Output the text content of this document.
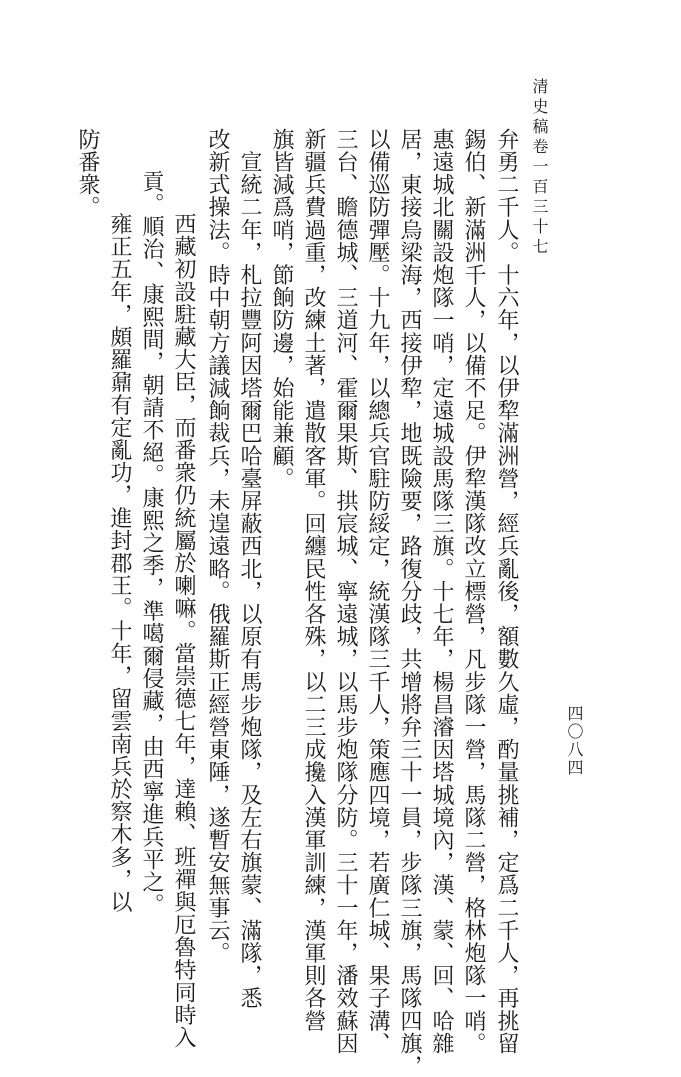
清史稿卷一百三十七
四〇八四
弁勇二千人。十六年，以伊犂滿洲營，經兵亂後，額數久虛，酌量挑補，定爲二千人，再挑留
錫伯、新滿洲千人，以備不足。伊犂漢隊改立標營，凡步隊一營，馬隊二營，格林炮隊一哨。
惠遠城北關設炮隊一哨，定遠城設馬隊三旗。十七年，楊昌濬因塔城境內，漢、蒙、回、哈雜
居，東接烏梁海，西接伊犂，地既險要，路復分歧，共增將弁三十一員，步隊三旗，馬隊四旗，
以備巡防彈壓。十九年，以總兵官駐防綏定，統漢隊三千人，策應四境，若廣仁城、果子溝、
三台、瞻德城、三道河、霍爾果斯、拱宸城、寧遠城，以馬步炮隊分防。三十一年，潘效蘇因
新疆兵費過重，改練土著，遣散客軍。回纏民性各殊，以二三成攙入漢軍訓練，漢軍則各營
旗皆減爲哨，節餉防邊，始能兼顧。
　宣統二年，札拉豐阿因塔爾巴哈臺屏蔽西北，以原有馬步炮隊，及左右旗蒙、滿隊，悉
改新式操法。時中朝方議減餉裁兵，未遑遠略。俄羅斯正經營東陲，遂暫安無事云。
　西藏初設駐藏大臣，而番衆仍統屬於喇嘛。當崇德七年，達賴、班禪與厄魯特同時入
貢。順治、康熙間，朝請不絕。康熙之季，準噶爾侵藏，由西寧進兵平之。
　雍正五年，頗羅鼐有定亂功，進封郡王。十年，留雲南兵於察木多，以
防番衆。
